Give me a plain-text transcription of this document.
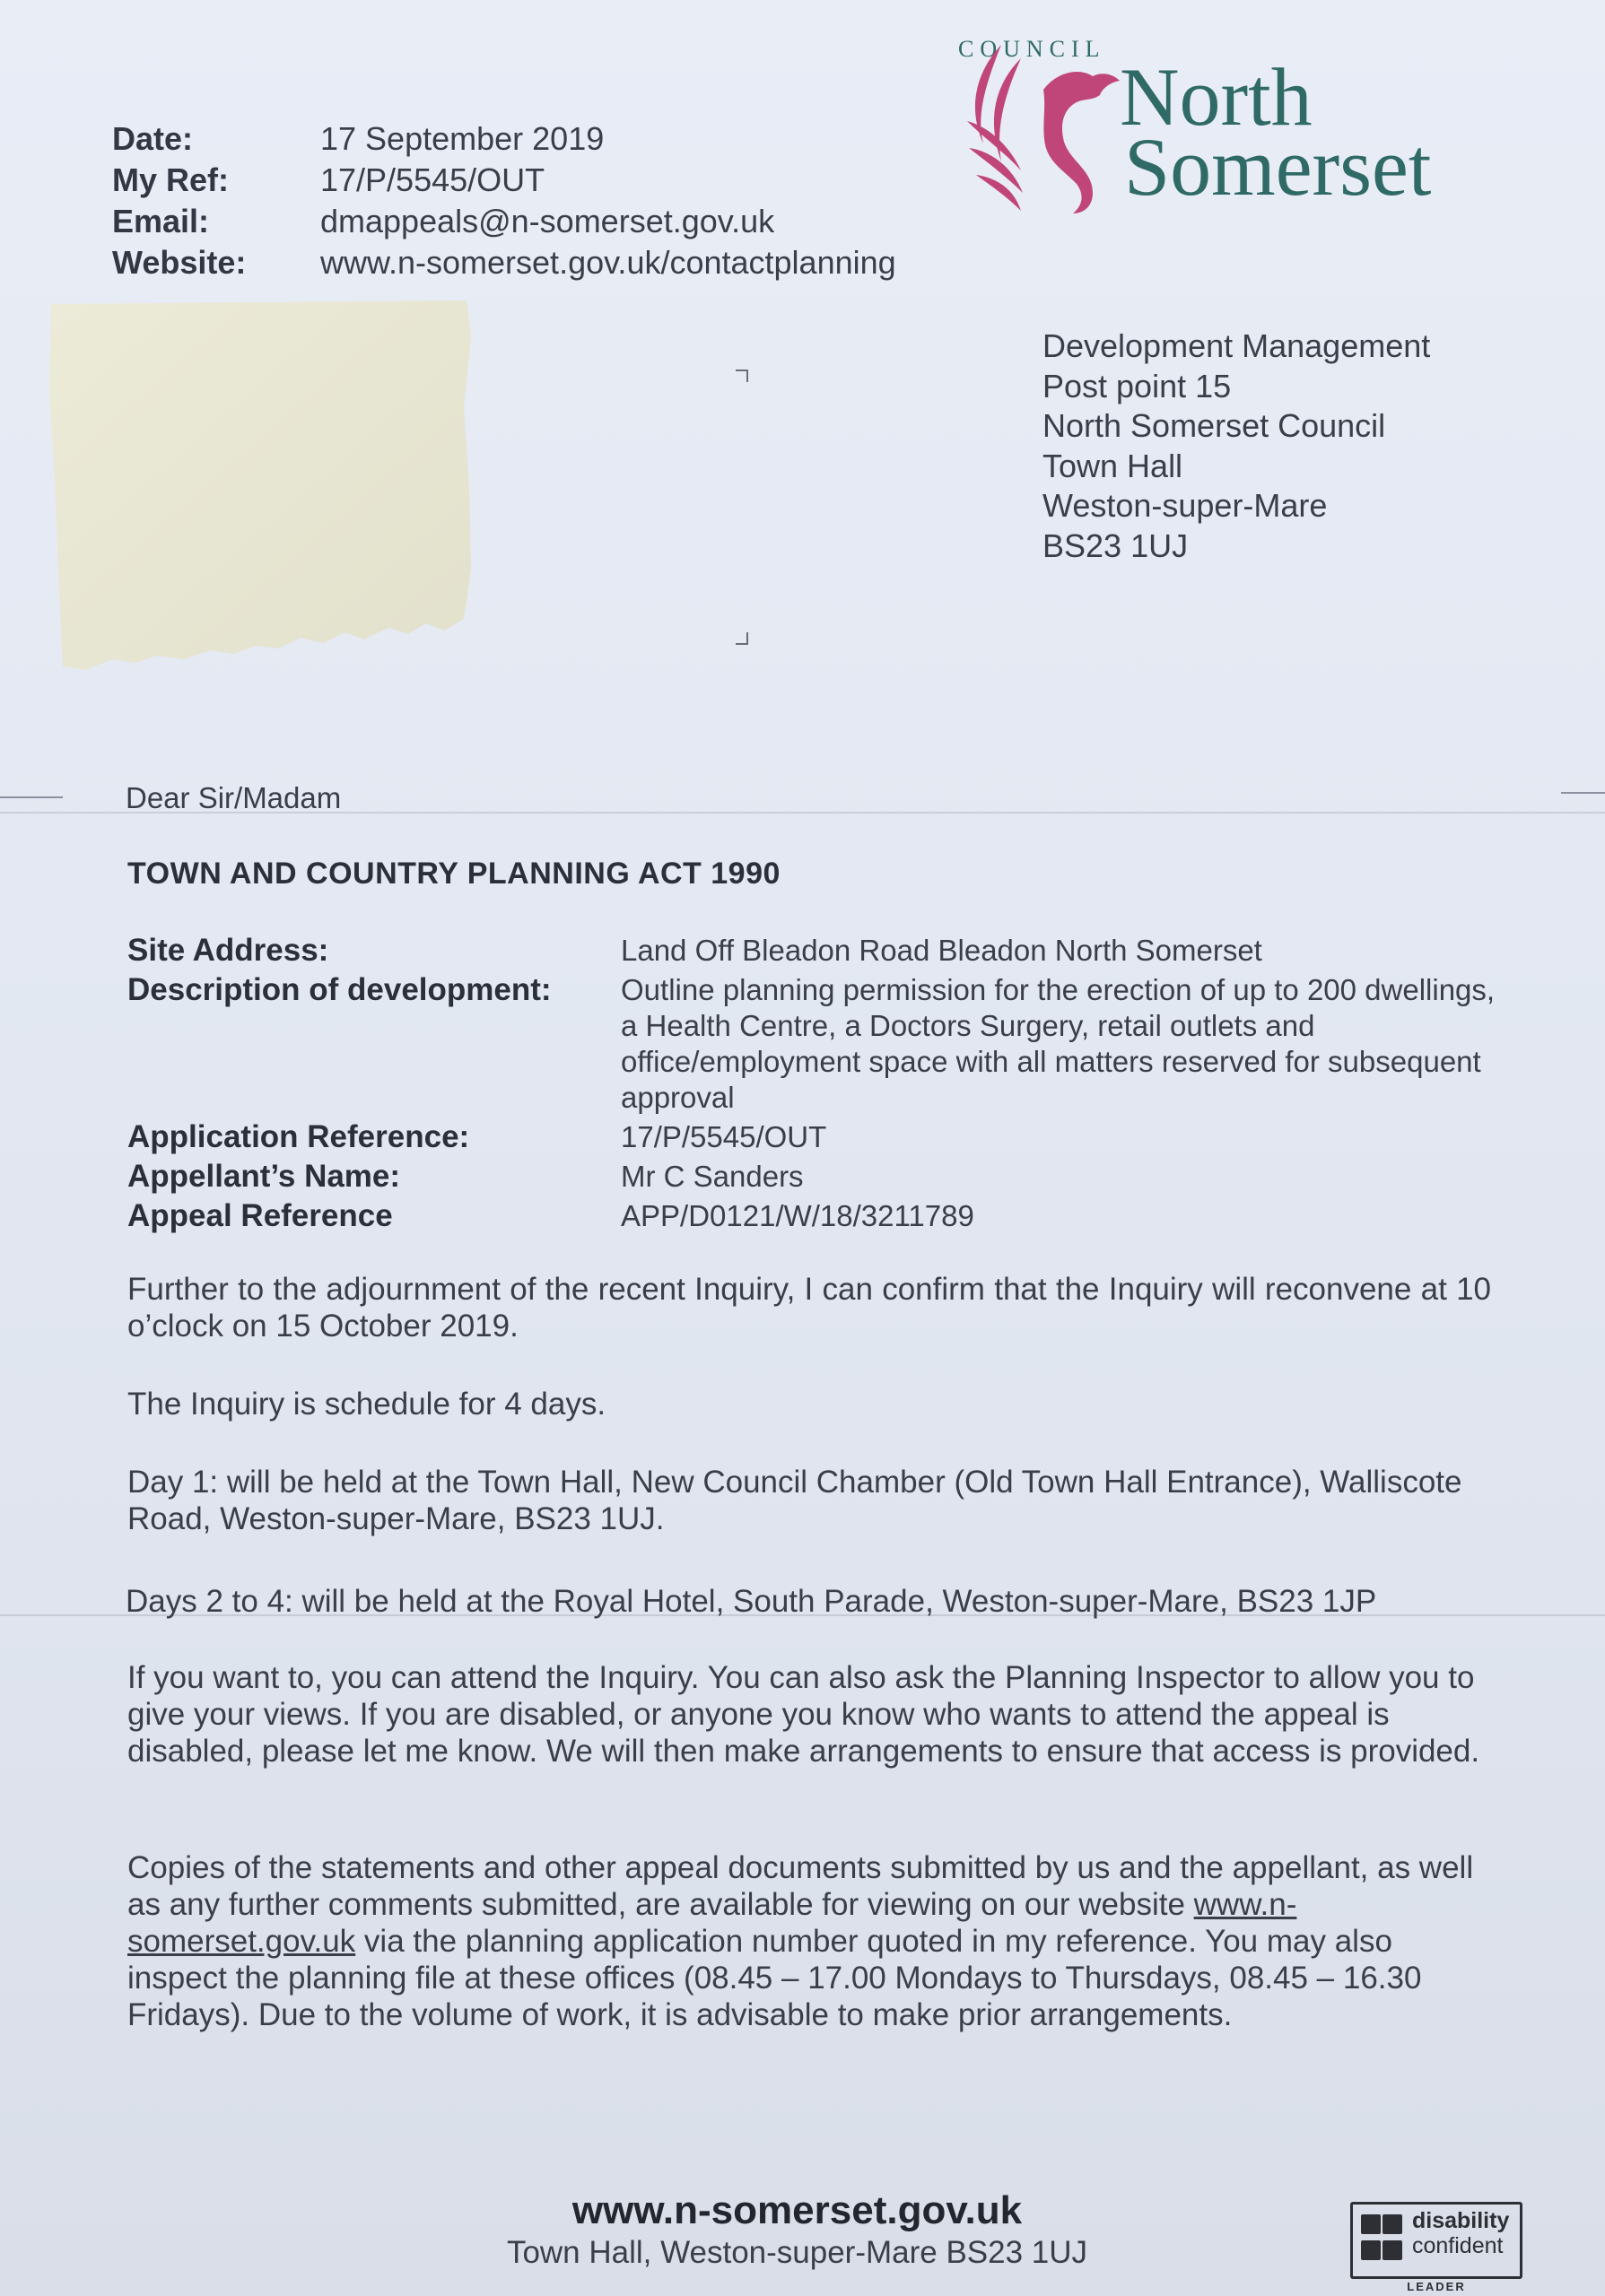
Date:	17 September 2019
My Ref:	17/P/5545/OUT
Email:	dmappeals@n-somerset.gov.uk
Website:	www.n-somerset.gov.uk/contactplanning
North
Somerset
COUNCIL
Development Management
Post point 15
North Somerset Council
Town Hall
Weston-super-Mare
BS23 1UJ
Dear Sir/Madam
TOWN AND COUNTRY PLANNING ACT 1990
Site Address:	Land Off Bleadon Road Bleadon North Somerset
Description of development:	Outline planning permission for the erection of up to 200 dwellings, a Health Centre, a Doctors Surgery, retail outlets and office/employment space with all matters reserved for subsequent approval
Application Reference:	17/P/5545/OUT
Appellant’s Name:	Mr C Sanders
Appeal Reference	APP/D0121/W/18/3211789
Further to the adjournment of the recent Inquiry, I can confirm that the Inquiry will reconvene at 10 o’clock on 15 October 2019.
The Inquiry is schedule for 4 days.
Day 1: will be held at the Town Hall, New Council Chamber (Old Town Hall Entrance), Walliscote Road, Weston-super-Mare, BS23 1UJ.
Days 2 to 4: will be held at the Royal Hotel, South Parade, Weston-super-Mare, BS23 1JP
If you want to, you can attend the Inquiry. You can also ask the Planning Inspector to allow you to give your views. If you are disabled, or anyone you know who wants to attend the appeal is disabled, please let me know. We will then make arrangements to ensure that access is provided.
Copies of the statements and other appeal documents submitted by us and the appellant, as well as any further comments submitted, are available for viewing on our website www.n-somerset.gov.uk via the planning application number quoted in my reference. You may also inspect the planning file at these offices (08.45 – 17.00 Mondays to Thursdays, 08.45 – 16.30 Fridays). Due to the volume of work, it is advisable to make prior arrangements.
www.n-somerset.gov.uk
Town Hall, Weston-super-Mare BS23 1UJ
disability
confident
LEADER
